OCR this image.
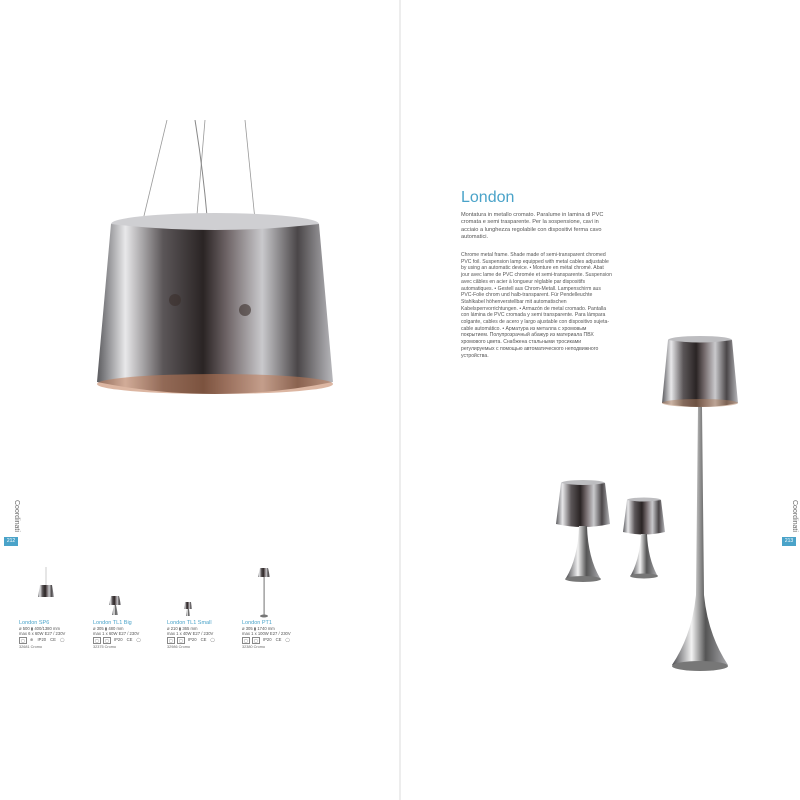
London
Montatura in metallo cromato. Paralume in lamina di PVC cromata e semi trasparente. Per la sospensione, cavi in acciaio a lunghezza regolabile con dispositivi ferma cavo automatici.
Chrome metal frame. Shade made of semi-transparent chromed PVC foil. Suspension lamp equipped with metal cables adjustable by using an automatic device. • Monture en métal chromé. Abat jour avec lame de PVC chromée et semi-transparente. Suspension avec câbles en acier à longueur réglable par dispositifs automatiques. • Gestell aus Chrom-Metall. Lampenschirm aus PVC-Folie chrom und halb-transparent. Für Pendelleuchte Stahlkabel höhenverstellbar mit automatischen Kabelsperrvorrichtungen. • Armazón de metal cromado. Pantalla con lámina de PVC cromada y semi transparente. Para lámpara colgante, cables de acero y largo ajustable con dispositivo sujeta-cable automático. • Арматура из металла с хромовым покрытием. Полупрозрачный абажур из материала ПВХ хромового цвета. Снабжена стальными тросиками регулируемых с помощью автоматического неподвижного устройства.
Coordinati
212
Coordinati
213
London SP6
ø 500 ▮ 400/1380 mm
max 6 x 60W E27 / 230V
▢	⊕ IP20 CE ◯
32681 Cromo
London TL1 Big
ø 305 ▮ 480 mm
max 1 x 60W E27 / 230V
▢	▢	IP20 CE ◯
32375 Cromo
London TL1 Small
ø 210 ▮ 365 mm
max 1 x 40W E27 / 230V
▢	▢	IP20 CE ◯
32986 Cromo
London PT1
ø 305 ▮ 1740 mm
max 1 x 100W E27 / 230V
▢	▢	IP20 CE ◯
32380 Cromo
